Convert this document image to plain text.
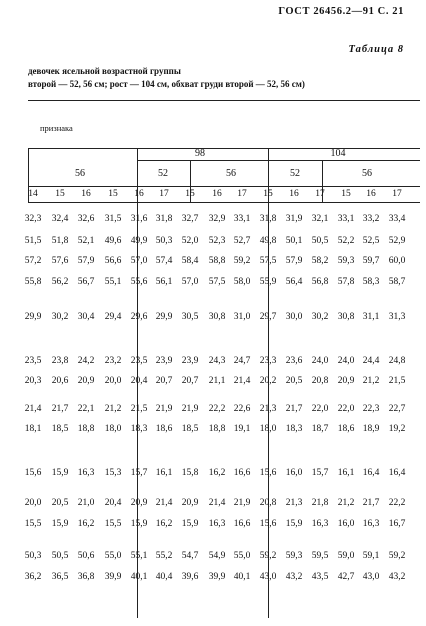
ГОСТ 26456.2—91 С. 21
Таблица 8
девочек ясельной возрастной группы
второй — 52, 56 см; рост — 104 см, обхват груди второй — 52, 56 см)
признака
98	104
56	52	56	52	56
14	15	16	15	16	17	15	16	17	15	16	17	15	16	17
32,3 32,4 32,6 31,5 31,6 31,8 32,7 32,9 33,1 31,8 31,9 32,1 33,1 33,2 33,4
51,5 51,8 52,1 49,6 49,9 50,3 52,0 52,3 52,7 49,8 50,1 50,5 52,2 52,5 52,9
57,2 57,6 57,9 56,6 57,0 57,4 58,4 58,8 59,2 57,5 57,9 58,2 59,3 59,7 60,0
55,8 56,2 56,7 55,1 55,6 56,1 57,0 57,5 58,0 55,9 56,4 56,8 57,8 58,3 58,7
29,9 30,2 30,4 29,4 29,6 29,9 30,5 30,8 31,0 29,7 30,0 30,2 30,8 31,1 31,3
23,5 23,8 24,2 23,2 23,5 23,9 23,9 24,3 24,7 23,3 23,6 24,0 24,0 24,4 24,8
20,3 20,6 20,9 20,0 20,4 20,7 20,7 21,1 21,4 20,2 20,5 20,8 20,9 21,2 21,5
21,4 21,7 22,1 21,2 21,5 21,9 21,9 22,2 22,6 21,3 21,7 22,0 22,0 22,3 22,7
18,1 18,5 18,8 18,0 18,3 18,6 18,5 18,8 19,1 18,0 18,3 18,7 18,6 18,9 19,2
15,6 15,9 16,3 15,3 15,7 16,1 15,8 16,2 16,6 15,6 16,0 15,7 16,1 16,4 16,4
20,0 20,5 21,0 20,4 20,9 21,4 20,9 21,4 21,9 20,8 21,3 21,8 21,2 21,7 22,2
15,5 15,9 16,2 15,5 15,9 16,2 15,9 16,3 16,6 15,6 15,9 16,3 16,0 16,3 16,7
50,3 50,5 50,6 55,0 55,1 55,2 54,7 54,9 55,0 59,2 59,3 59,5 59,0 59,1 59,2
36,2 36,5 36,8 39,9 40,1 40,4 39,6 39,9 40,1 43,0 43,2 43,5 42,7 43,0 43,2
